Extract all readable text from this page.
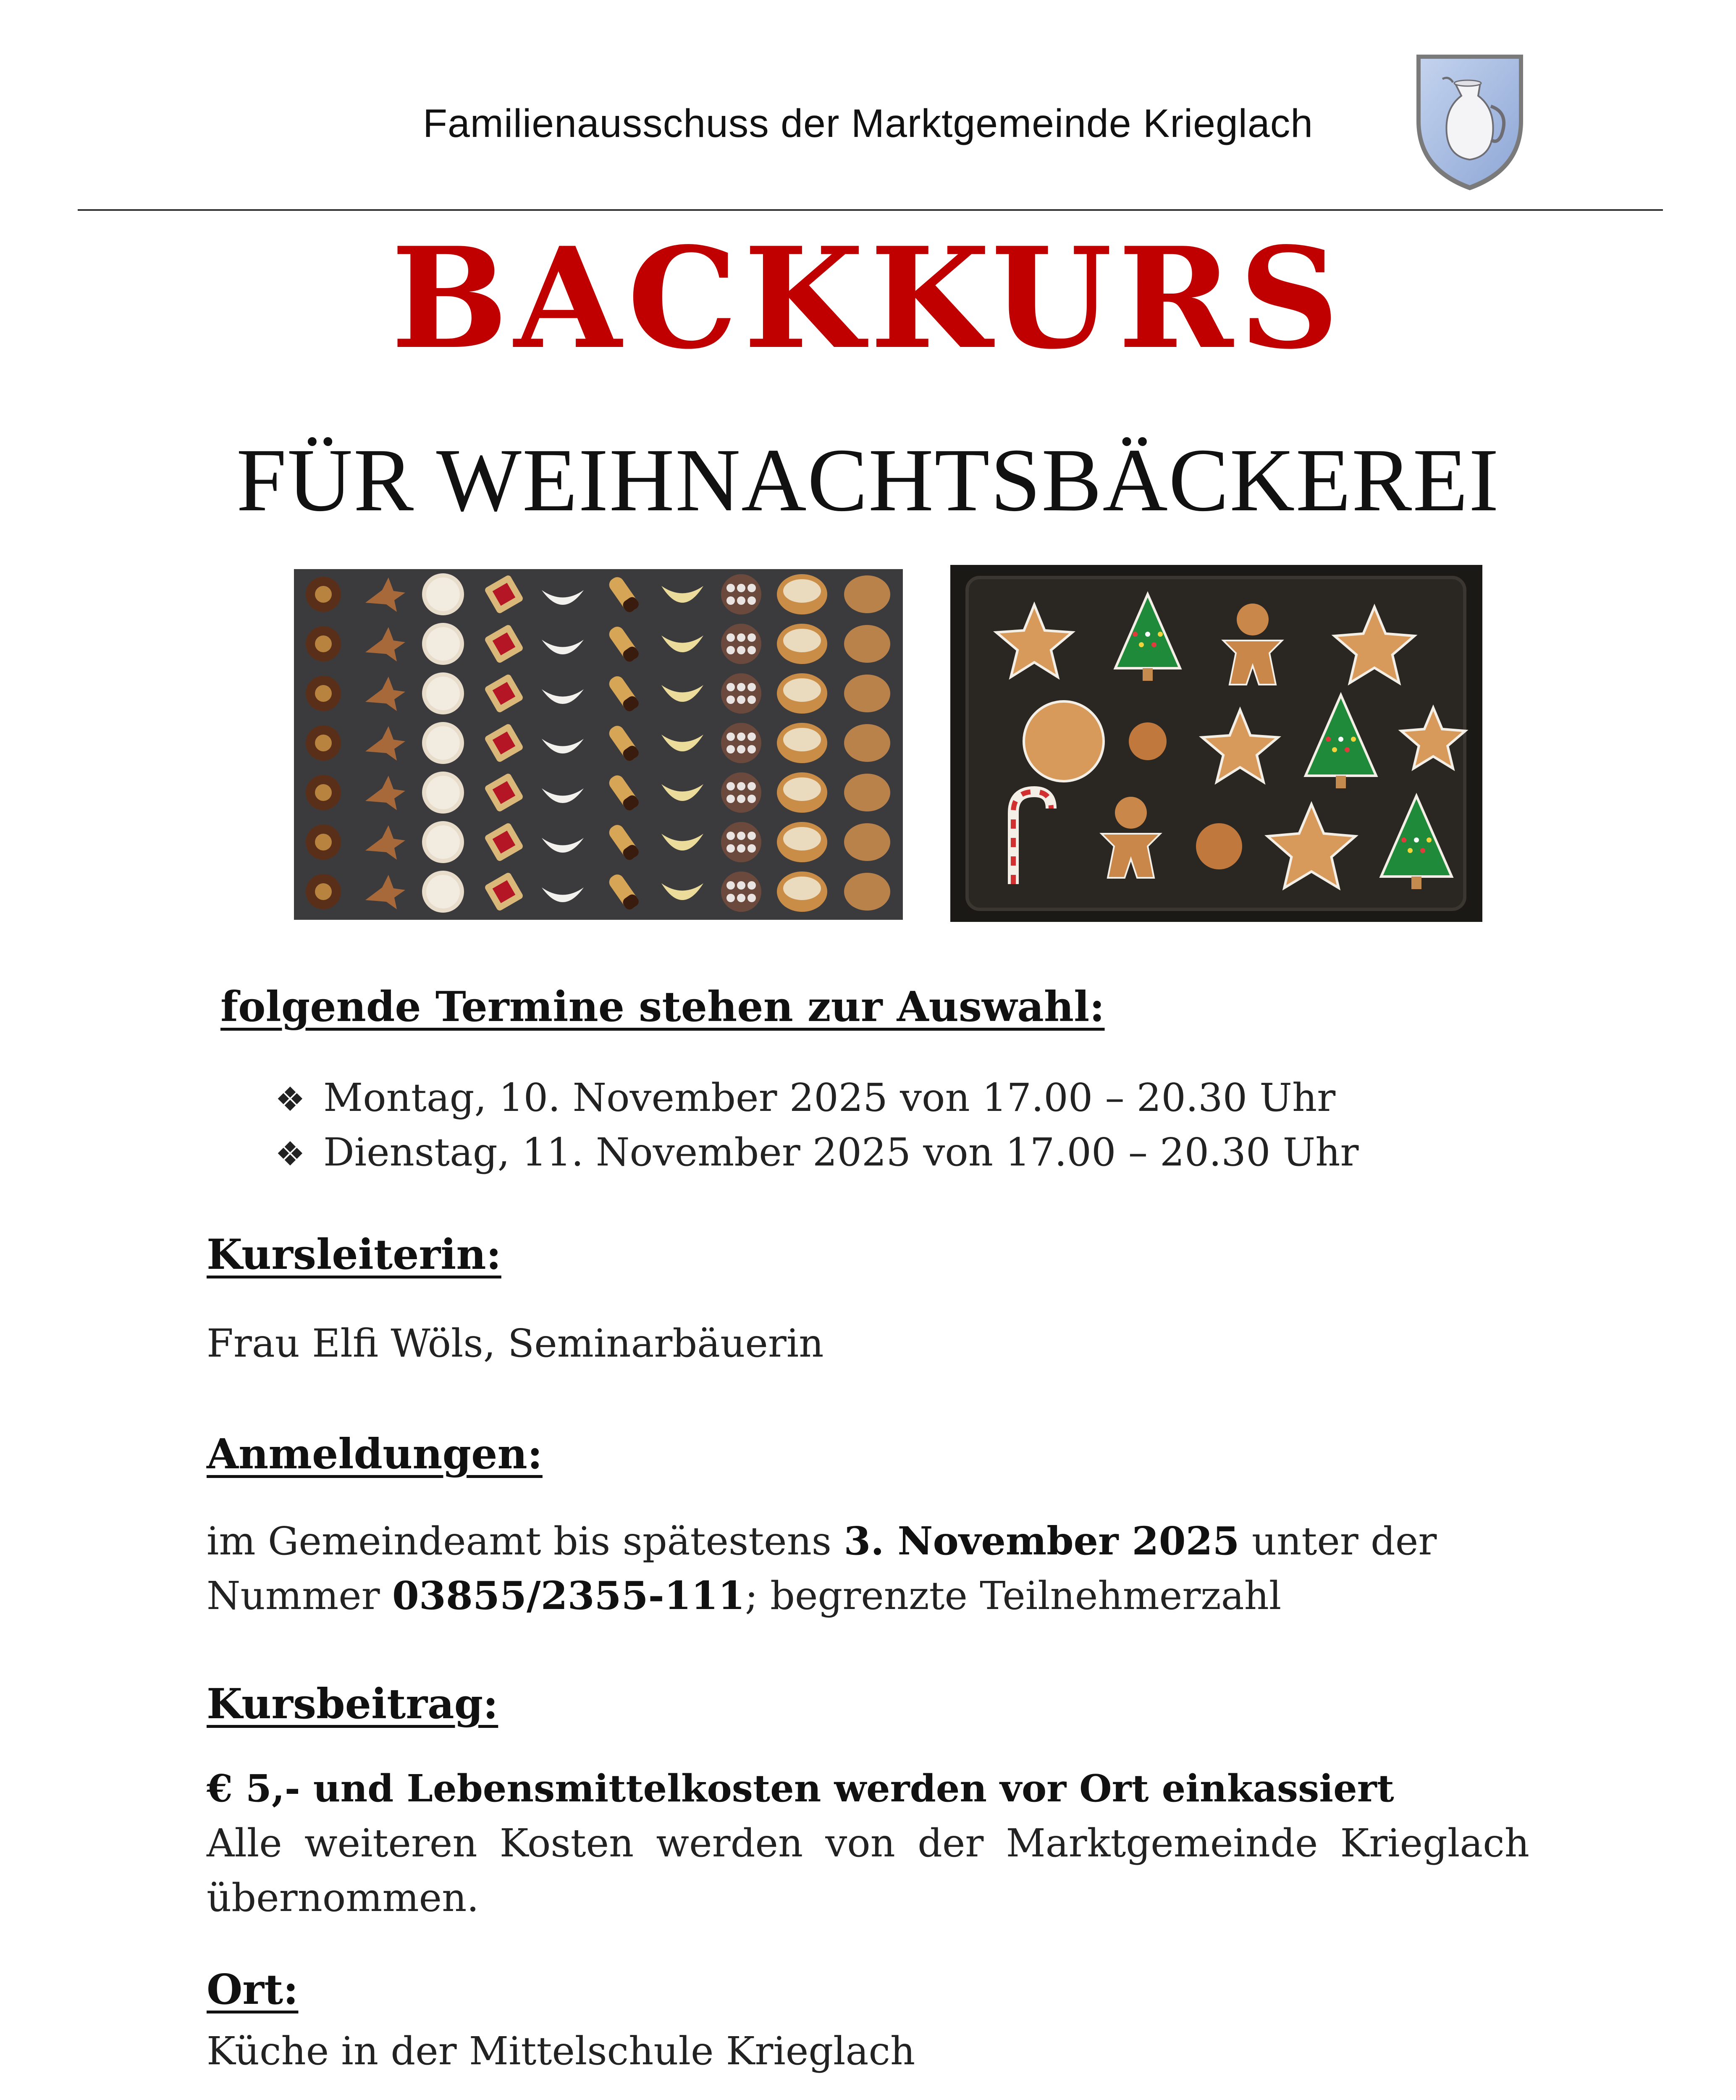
Familienausschuss der Marktgemeinde Krieglach
BACKKURS
FÜR WEIHNACHTSBÄCKEREI
folgende Termine stehen zur Auswahl:
❖ Montag, 10. November 2025 von 17.00 – 20.30 Uhr
❖ Dienstag, 11. November 2025 von 17.00 – 20.30 Uhr
Kursleiterin:
Frau Elfi Wöls, Seminarbäuerin
Anmeldungen:
im Gemeindeamt bis spätestens 3. November 2025 unter der
Nummer 03855/2355-111; begrenzte Teilnehmerzahl
Kursbeitrag:
€ 5,- und Lebensmittelkosten werden vor Ort einkassiert
Alle weiteren Kosten werden von der Marktgemeinde Krieglach
übernommen.
Ort:
Küche in der Mittelschule Krieglach
